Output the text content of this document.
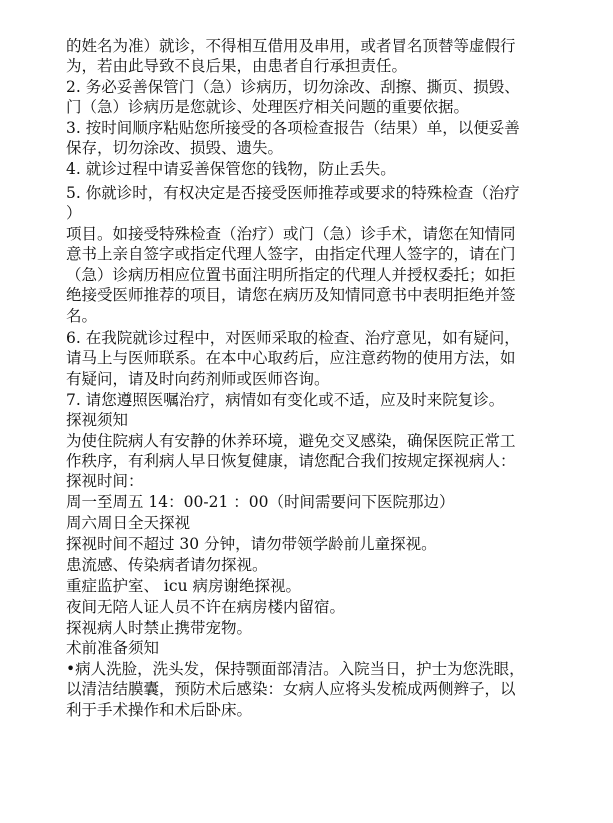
的姓名为准）就诊，不得相互借用及串用，或者冒名顶替等虚假行

为，若由此导致不良后果，由患者自行承担责任。

2. 务必妥善保管门（急）诊病历，切勿涂改、刮擦、撕页、损毁、

门（急）诊病历是您就诊、处理医疗相关问题的重要依据。

3. 按时间顺序粘贴您所接受的各项检查报告（结果）单，以便妥善

保存，切勿涂改、损毁、遗失。

4. 就诊过程中请妥善保管您的钱物，防止丢失。

5. 你就诊时，有权决定是否接受医师推荐或要求的特殊检查（治疗

）

项目。如接受特殊检查（治疗）或门（急）诊手术，请您在知情同

意书上亲自签字或指定代理人签字，由指定代理人签字的，请在门

（急）诊病历相应位置书面注明所指定的代理人并授权委托；如拒

绝接受医师推荐的项目，请您在病历及知情同意书中表明拒绝并签

名。

6. 在我院就诊过程中，对医师采取的检查、治疗意见，如有疑问，

请马上与医师联系。在本中心取药后，应注意药物的使用方法，如

有疑问，请及时向药剂师或医师咨询。

7. 请您遵照医嘱治疗，病情如有变化或不适，应及时来院复诊。

探视须知

为使住院病人有安静的休养环境，避免交叉感染，确保医院正常工

作秩序，有利病人早日恢复健康，请您配合我们按规定探视病人：

探视时间：

周一至周五 14：00-21 ：00（时间需要问下医院那边）

周六周日全天探视

探视时间不超过 30 分钟，请勿带领学龄前儿童探视。

患流感、传染病者请勿探视。

重症监护室、 icu 病房谢绝探视。

夜间无陪人证人员不许在病房楼内留宿。

探视病人时禁止携带宠物。

术前准备须知

•病人洗脸，洗头发，保持颚面部清洁。入院当日，护士为您洗眼，

以清洁结膜囊，预防术后感染：女病人应将头发梳成两侧辫子，以

利于手术操作和术后卧床。
